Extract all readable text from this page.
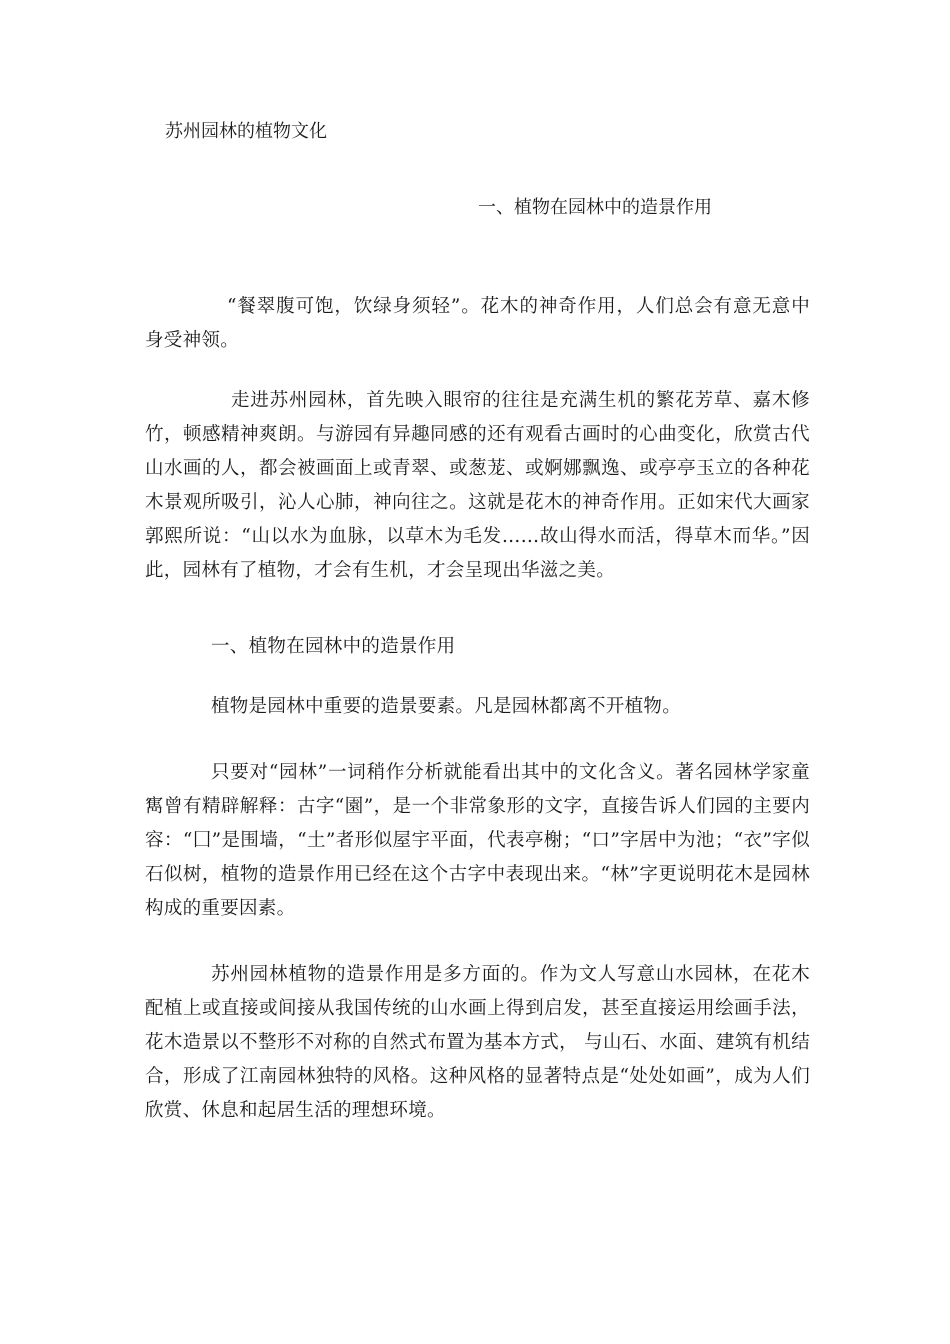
苏州园林的植物文化
一、植物在园林中的造景作用

“餐翠腹可饱，饮绿身须轻”。花木的神奇作用，人们总会有意无意中身受神领。

走进苏州园林，首先映入眼帘的往往是充满生机的繁花芳草、嘉木修竹，顿感精神爽朗。与游园有异趣同感的还有观看古画时的心曲变化，欣赏古代山水画的人，都会被画面上或青翠、或葱茏、或婀娜飘逸、或亭亭玉立的各种花木景观所吸引，沁人心肺，神向往之。这就是花木的神奇作用。正如宋代大画家郭熙所说：“山以水为血脉，以草木为毛发……故山得水而活，得草木而华。”因此，园林有了植物，才会有生机，才会呈现出华滋之美。

一、植物在园林中的造景作用

植物是园林中重要的造景要素。凡是园林都离不开植物。

只要对“园林”一词稍作分析就能看出其中的文化含义。著名园林学家童寯曾有精辟解释：古字“園”，是一个非常象形的文字，直接告诉人们园的主要内容：“囗”是围墙，“土”者形似屋宇平面，代表亭榭；“口”字居中为池；“衣”字似石似树，植物的造景作用已经在这个古字中表现出来。“林”字更说明花木是园林构成的重要因素。

苏州园林植物的造景作用是多方面的。作为文人写意山水园林，在花木配植上或直接或间接从我国传统的山水画上得到启发，甚至直接运用绘画手法，花木造景以不整形不对称的自然式布置为基本方式， 与山石、水面、建筑有机结合，形成了江南园林独特的风格。这种风格的显著特点是“处处如画”，成为人们欣赏、休息和起居生活的理想环境。
